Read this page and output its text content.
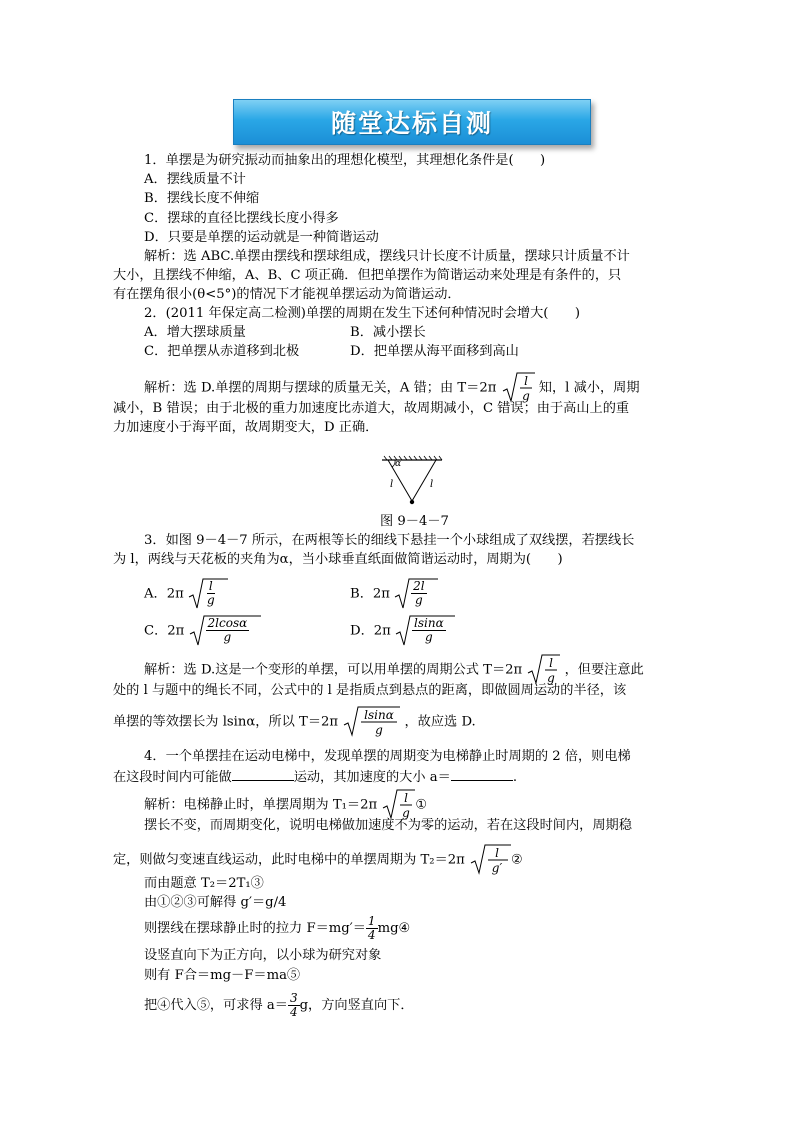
随堂达标自测
1．单摆是为研究振动而抽象出的理想化模型，其理想化条件是(　　)
A．摆线质量不计
B．摆线长度不伸缩
C．摆球的直径比摆线长度小得多
D．只要是单摆的运动就是一种简谐运动
解析：选 ABC.单摆由摆线和摆球组成，摆线只计长度不计质量，摆球只计质量不计
大小，且摆线不伸缩，A、B、C 项正确．但把单摆作为简谐运动来处理是有条件的，只
有在摆角很小(θ<5°)的情况下才能视单摆运动为简谐运动．
2．(2011 年保定高二检测)单摆的周期在发生下述何种情况时会增大(　　)
A．增大摆球质量	B．减小摆长
C．把单摆从赤道移到北极	D．把单摆从海平面移到高山
解析：选 D.单摆的周期与摆球的质量无关，A 错；由 T＝2π l
g
知，l 减小，周期
减小，B 错误；由于北极的重力加速度比赤道大，故周期减小，C 错误；由于高山上的重
力加速度小于海平面，故周期变大，D 正确．
α
l	l
图 9－4－7
3．如图 9－4－7 所示，在两根等长的细线下悬挂一个小球组成了双线摆，若摆线长
为 l，两线与天花板的夹角为α，当小球垂直纸面做简谐运动时，周期为(　　)
A．$2\pi \frac{l}{g}$	B．$2\pi \frac{2l}{g}$
C．$2\pi \frac{2lcos\alpha}{g}$	D．$2\pi \frac{lsin\alpha}{g}$
解析：选 D.这是一个变形的单摆，可以用单摆的周期公式 T＝2π l
g
，但要注意此
处的 l 与题中的绳长不同，公式中的 l 是指质点到悬点的距离，即做圆周运动的半径，该
单摆的等效摆长为 lsinα，所以 T＝2π lsinα
g
，故应选 D.
4．一个单摆挂在运动电梯中，发现单摆的周期变为电梯静止时周期的 2 倍，则电梯
在这段时间内可能做	运动，其加速度的大小 a＝	.
解析：电梯静止时，单摆周期为 T₁＝2π l
g
①
摆长不变，而周期变化，说明电梯做加速度不为零的运动，若在这段时间内，周期稳
定，则做匀变速直线运动，此时电梯中的单摆周期为 T₂＝2π	l
g′
②
而由题意 T₂＝2T₁③
由①②③可解得 g′＝g/4
则摆线在摆球静止时的拉力 $F=mg'= \frac{1}{4}$ mg④
设竖直向下为正方向，以小球为研究对象
则有 F合＝mg－F＝ma⑤
把④代入⑤，可求得 $a= \frac{3}{4}$ g，方向竖直向下．
